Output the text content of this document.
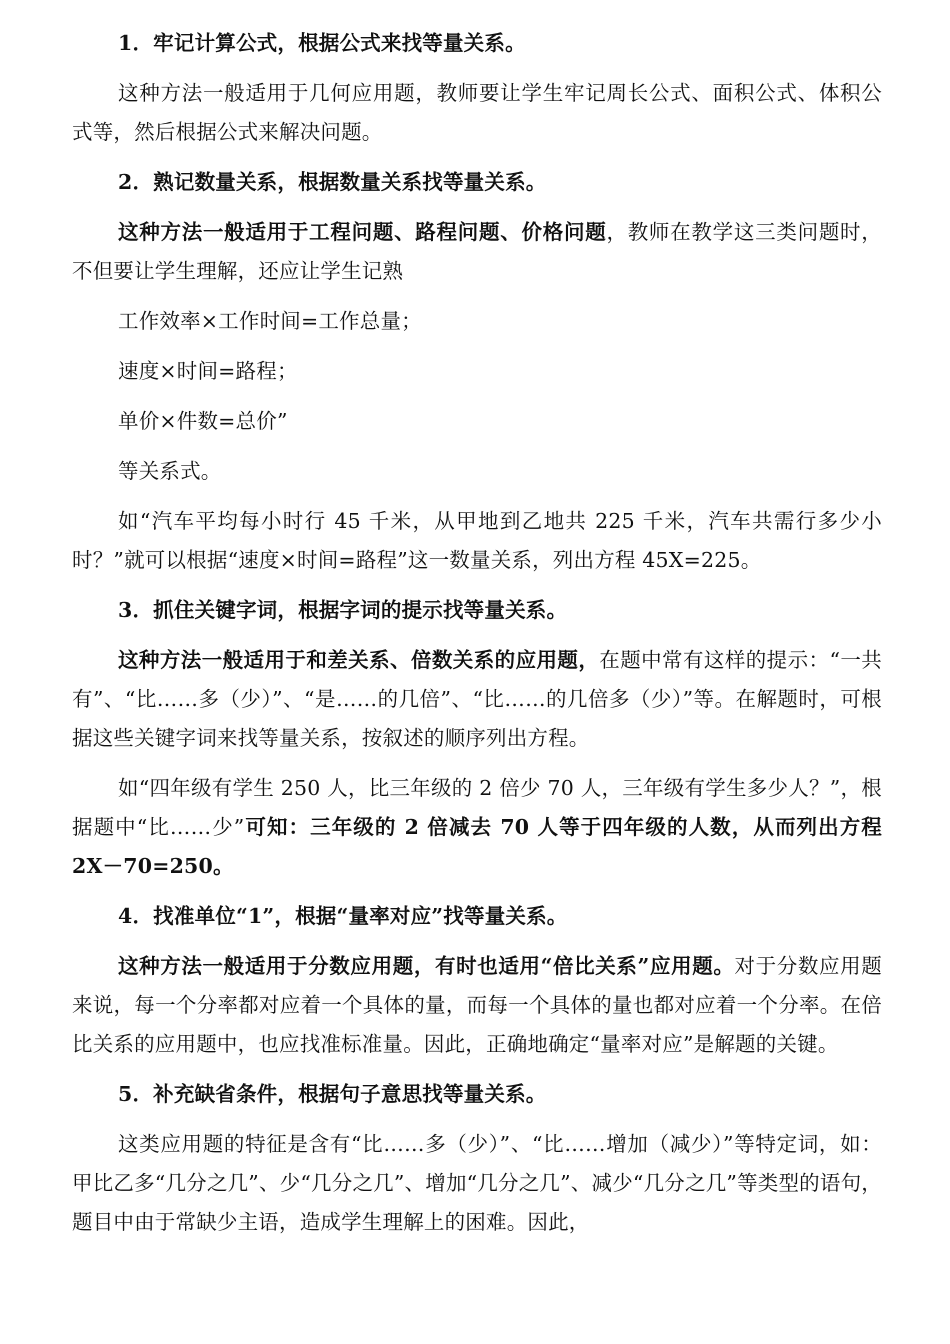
1．牢记计算公式，根据公式来找等量关系。
这种方法一般适用于几何应用题，教师要让学生牢记周长公式、面积公式、体积公式等，然后根据公式来解决问题。
2．熟记数量关系，根据数量关系找等量关系。
这种方法一般适用于工程问题、路程问题、价格问题，教师在教学这三类问题时，不但要让学生理解，还应让学生记熟
工作效率×工作时间=工作总量；
速度×时间=路程；
单价×件数=总价”
等关系式。
如“汽车平均每小时行 45 千米，从甲地到乙地共 225 千米，汽车共需行多少小时？”就可以根据“速度×时间=路程”这一数量关系，列出方程 45X=225。
3．抓住关键字词，根据字词的提示找等量关系。
这种方法一般适用于和差关系、倍数关系的应用题，在题中常有这样的提示：“一共有”、“比……多（少）”、“是……的几倍”、“比……的几倍多（少）”等。在解题时，可根据这些关键字词来找等量关系，按叙述的顺序列出方程。
如“四年级有学生 250 人，比三年级的 2 倍少 70 人，三年级有学生多少人？”，根据题中“比……少”可知：三年级的 2 倍减去 70 人等于四年级的人数，从而列出方程 2X－70=250。
4．找准单位“1”，根据“量率对应”找等量关系。
这种方法一般适用于分数应用题，有时也适用“倍比关系”应用题。对于分数应用题来说，每一个分率都对应着一个具体的量，而每一个具体的量也都对应着一个分率。在倍比关系的应用题中，也应找准标准量。因此，正确地确定“量率对应”是解题的关键。
5．补充缺省条件，根据句子意思找等量关系。
这类应用题的特征是含有“比……多（少）”、“比……增加（减少）”等特定词，如：甲比乙多“几分之几”、少“几分之几”、增加“几分之几”、减少“几分之几”等类型的语句，题目中由于常缺少主语，造成学生理解上的困难。因此，
